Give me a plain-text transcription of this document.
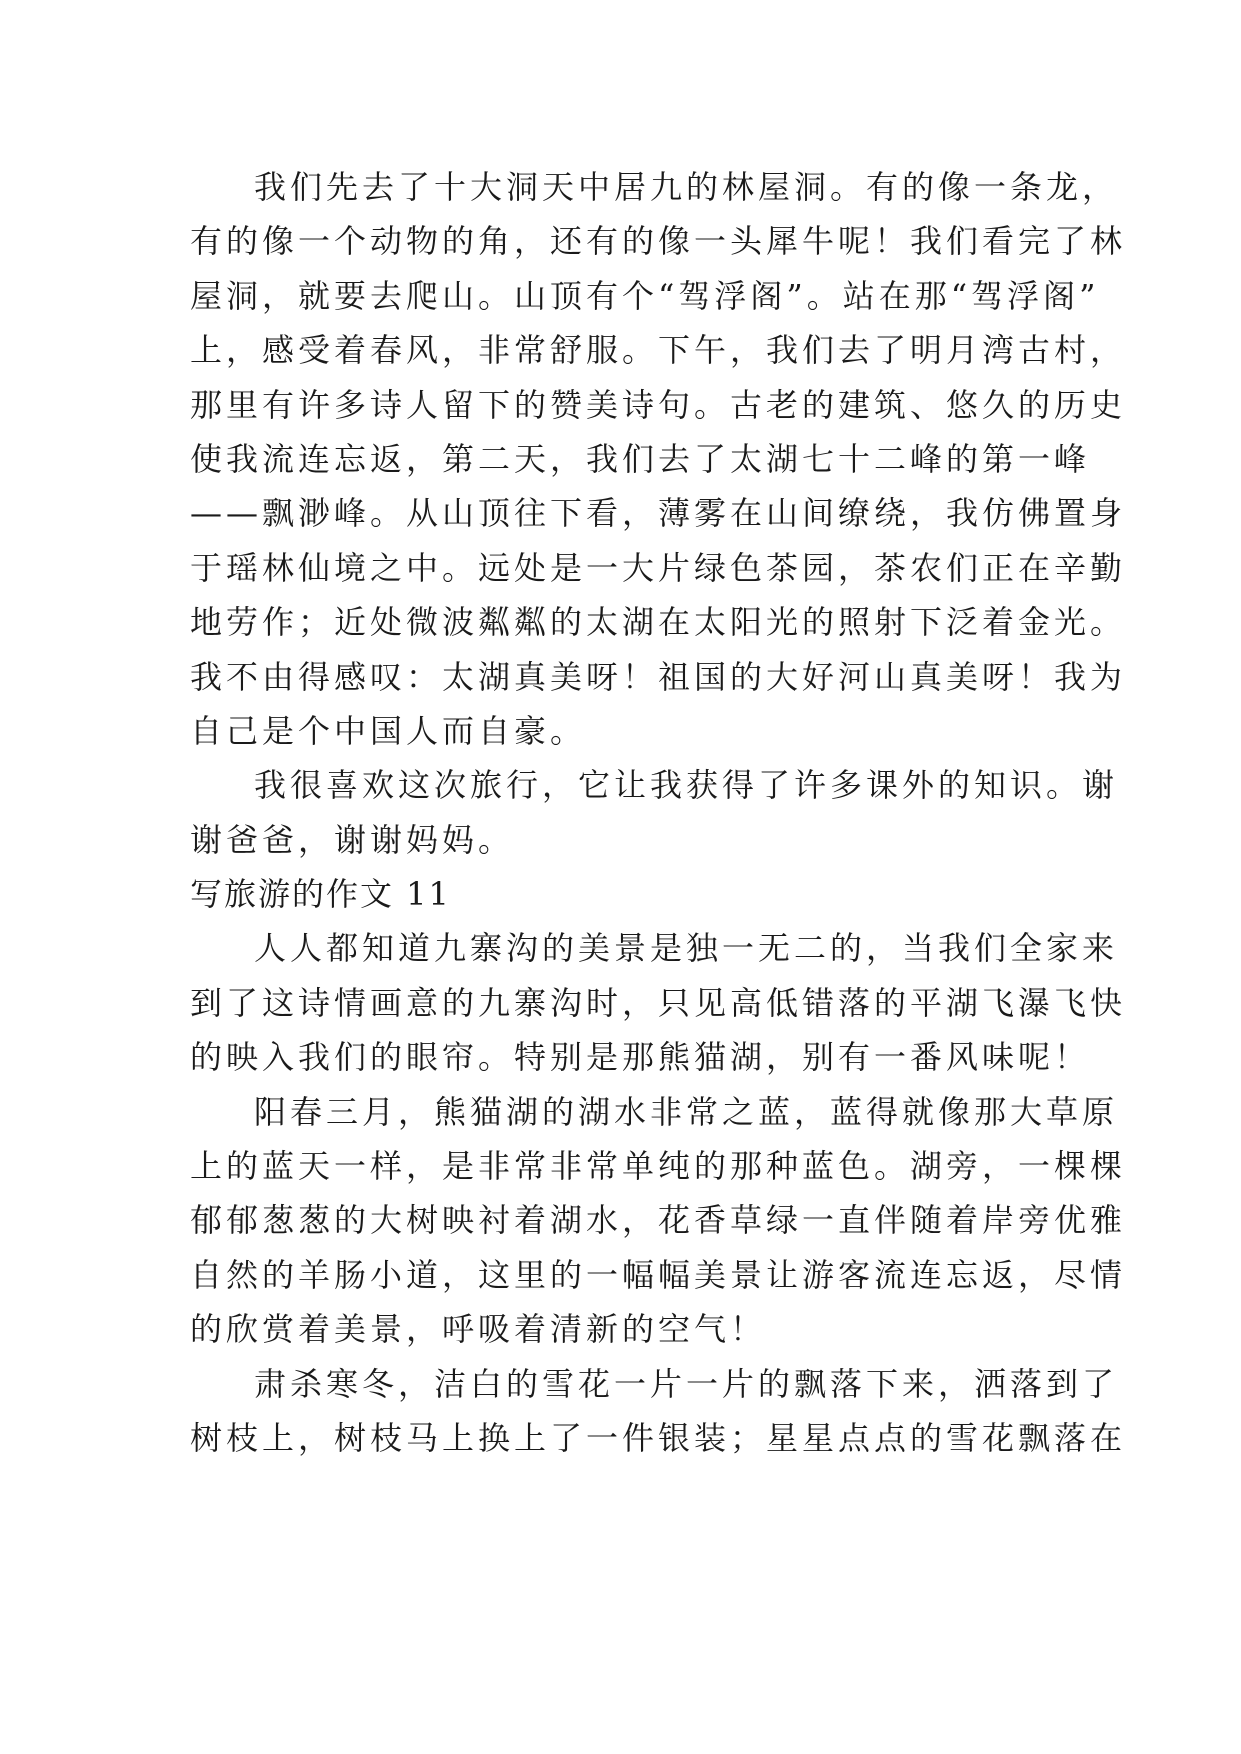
我们先去了十大洞天中居九的林屋洞。有的像一条龙，
有的像一个动物的角，还有的像一头犀牛呢！我们看完了林
屋洞，就要去爬山。山顶有个“驾浮阁”。站在那“驾浮阁”
上，感受着春风，非常舒服。下午，我们去了明月湾古村，
那里有许多诗人留下的赞美诗句。古老的建筑、悠久的历史
使我流连忘返，第二天，我们去了太湖七十二峰的第一峰
——飘渺峰。从山顶往下看，薄雾在山间缭绕，我仿佛置身
于瑶林仙境之中。远处是一大片绿色茶园，茶农们正在辛勤
地劳作；近处微波粼粼的太湖在太阳光的照射下泛着金光。
我不由得感叹：太湖真美呀！祖国的大好河山真美呀！我为
自己是个中国人而自豪。
我很喜欢这次旅行，它让我获得了许多课外的知识。谢
谢爸爸，谢谢妈妈。
写旅游的作文 11
人人都知道九寨沟的美景是独一无二的，当我们全家来
到了这诗情画意的九寨沟时，只见高低错落的平湖飞瀑飞快
的映入我们的眼帘。特别是那熊猫湖，别有一番风味呢！
阳春三月，熊猫湖的湖水非常之蓝，蓝得就像那大草原
上的蓝天一样，是非常非常单纯的那种蓝色。湖旁，一棵棵
郁郁葱葱的大树映衬着湖水，花香草绿一直伴随着岸旁优雅
自然的羊肠小道，这里的一幅幅美景让游客流连忘返，尽情
的欣赏着美景，呼吸着清新的空气！
肃杀寒冬，洁白的雪花一片一片的飘落下来，洒落到了
树枝上，树枝马上换上了一件银装；星星点点的雪花飘落在
